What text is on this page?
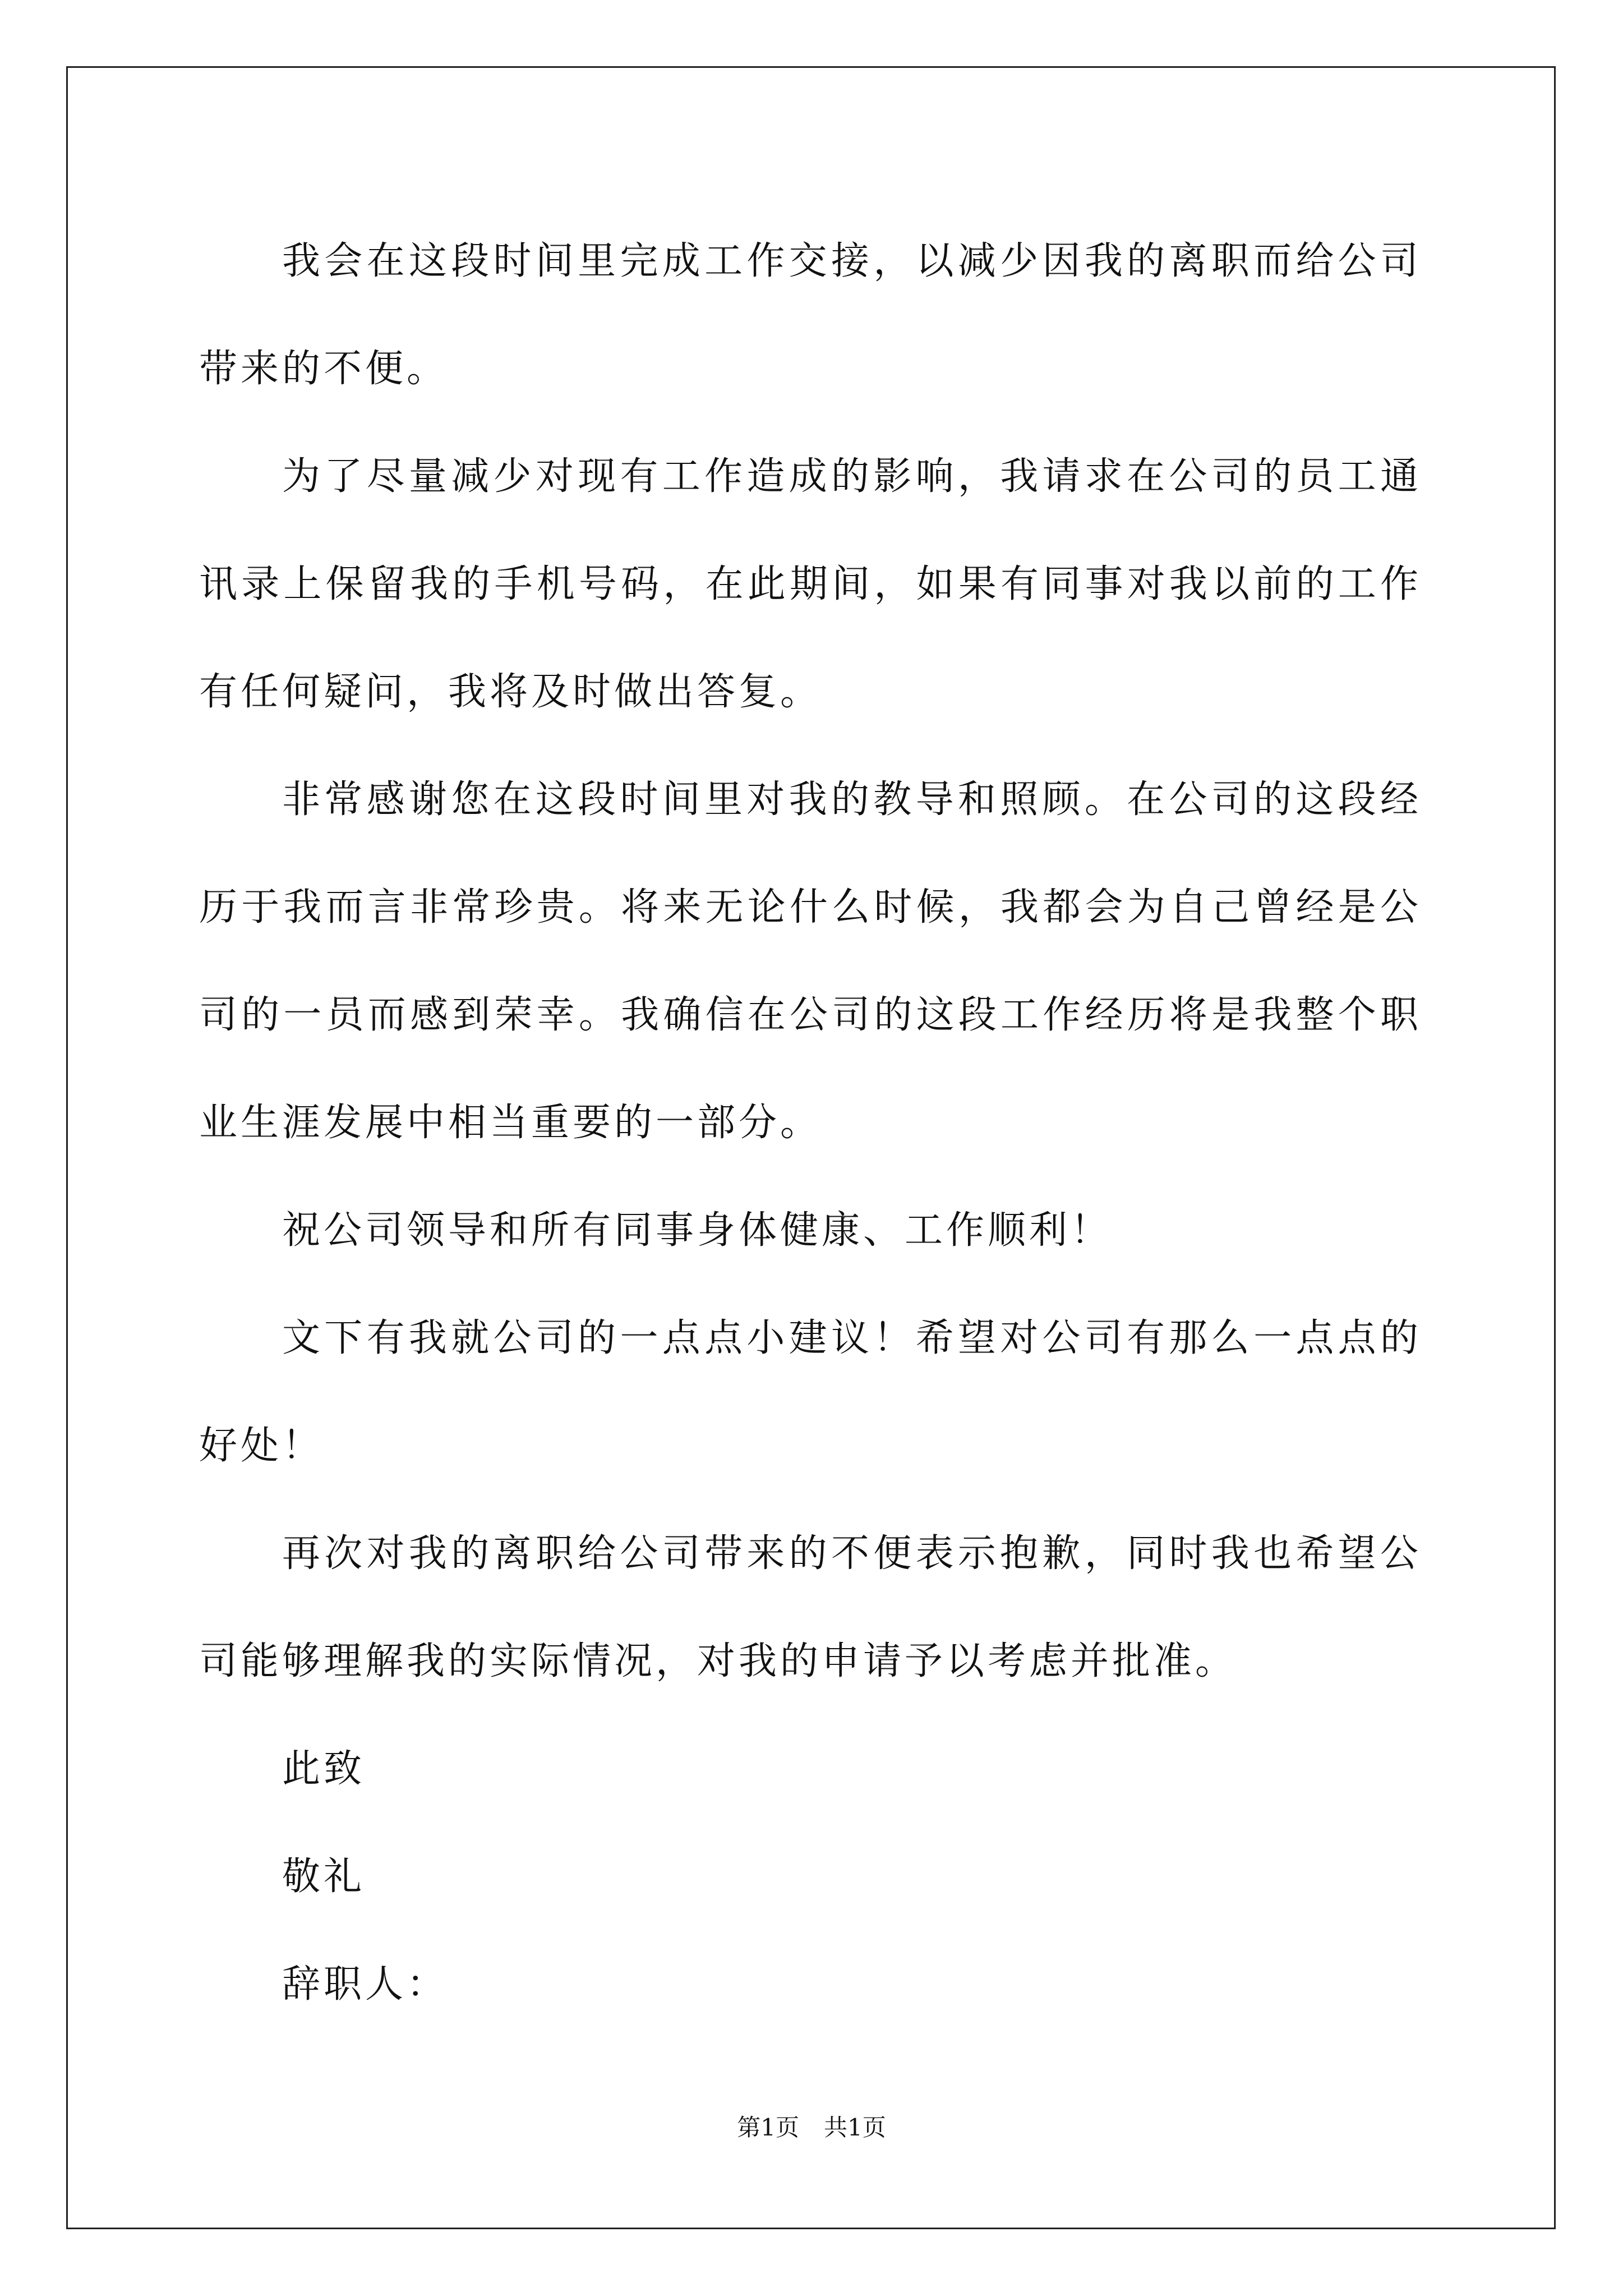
我会在这段时间里完成工作交接，以减少因我的离职而给公司带来的不便。

为了尽量减少对现有工作造成的影响，我请求在公司的员工通讯录上保留我的手机号码，在此期间，如果有同事对我以前的工作有任何疑问，我将及时做出答复。

非常感谢您在这段时间里对我的教导和照顾。在公司的这段经历于我而言非常珍贵。将来无论什么时候，我都会为自己曾经是公司的一员而感到荣幸。我确信在公司的这段工作经历将是我整个职业生涯发展中相当重要的一部分。

祝公司领导和所有同事身体健康、工作顺利！

文下有我就公司的一点点小建议！希望对公司有那么一点点的好处！

再次对我的离职给公司带来的不便表示抱歉，同时我也希望公司能够理解我的实际情况，对我的申请予以考虑并批准。

此致

敬礼

辞职人：

第1页 共1页
